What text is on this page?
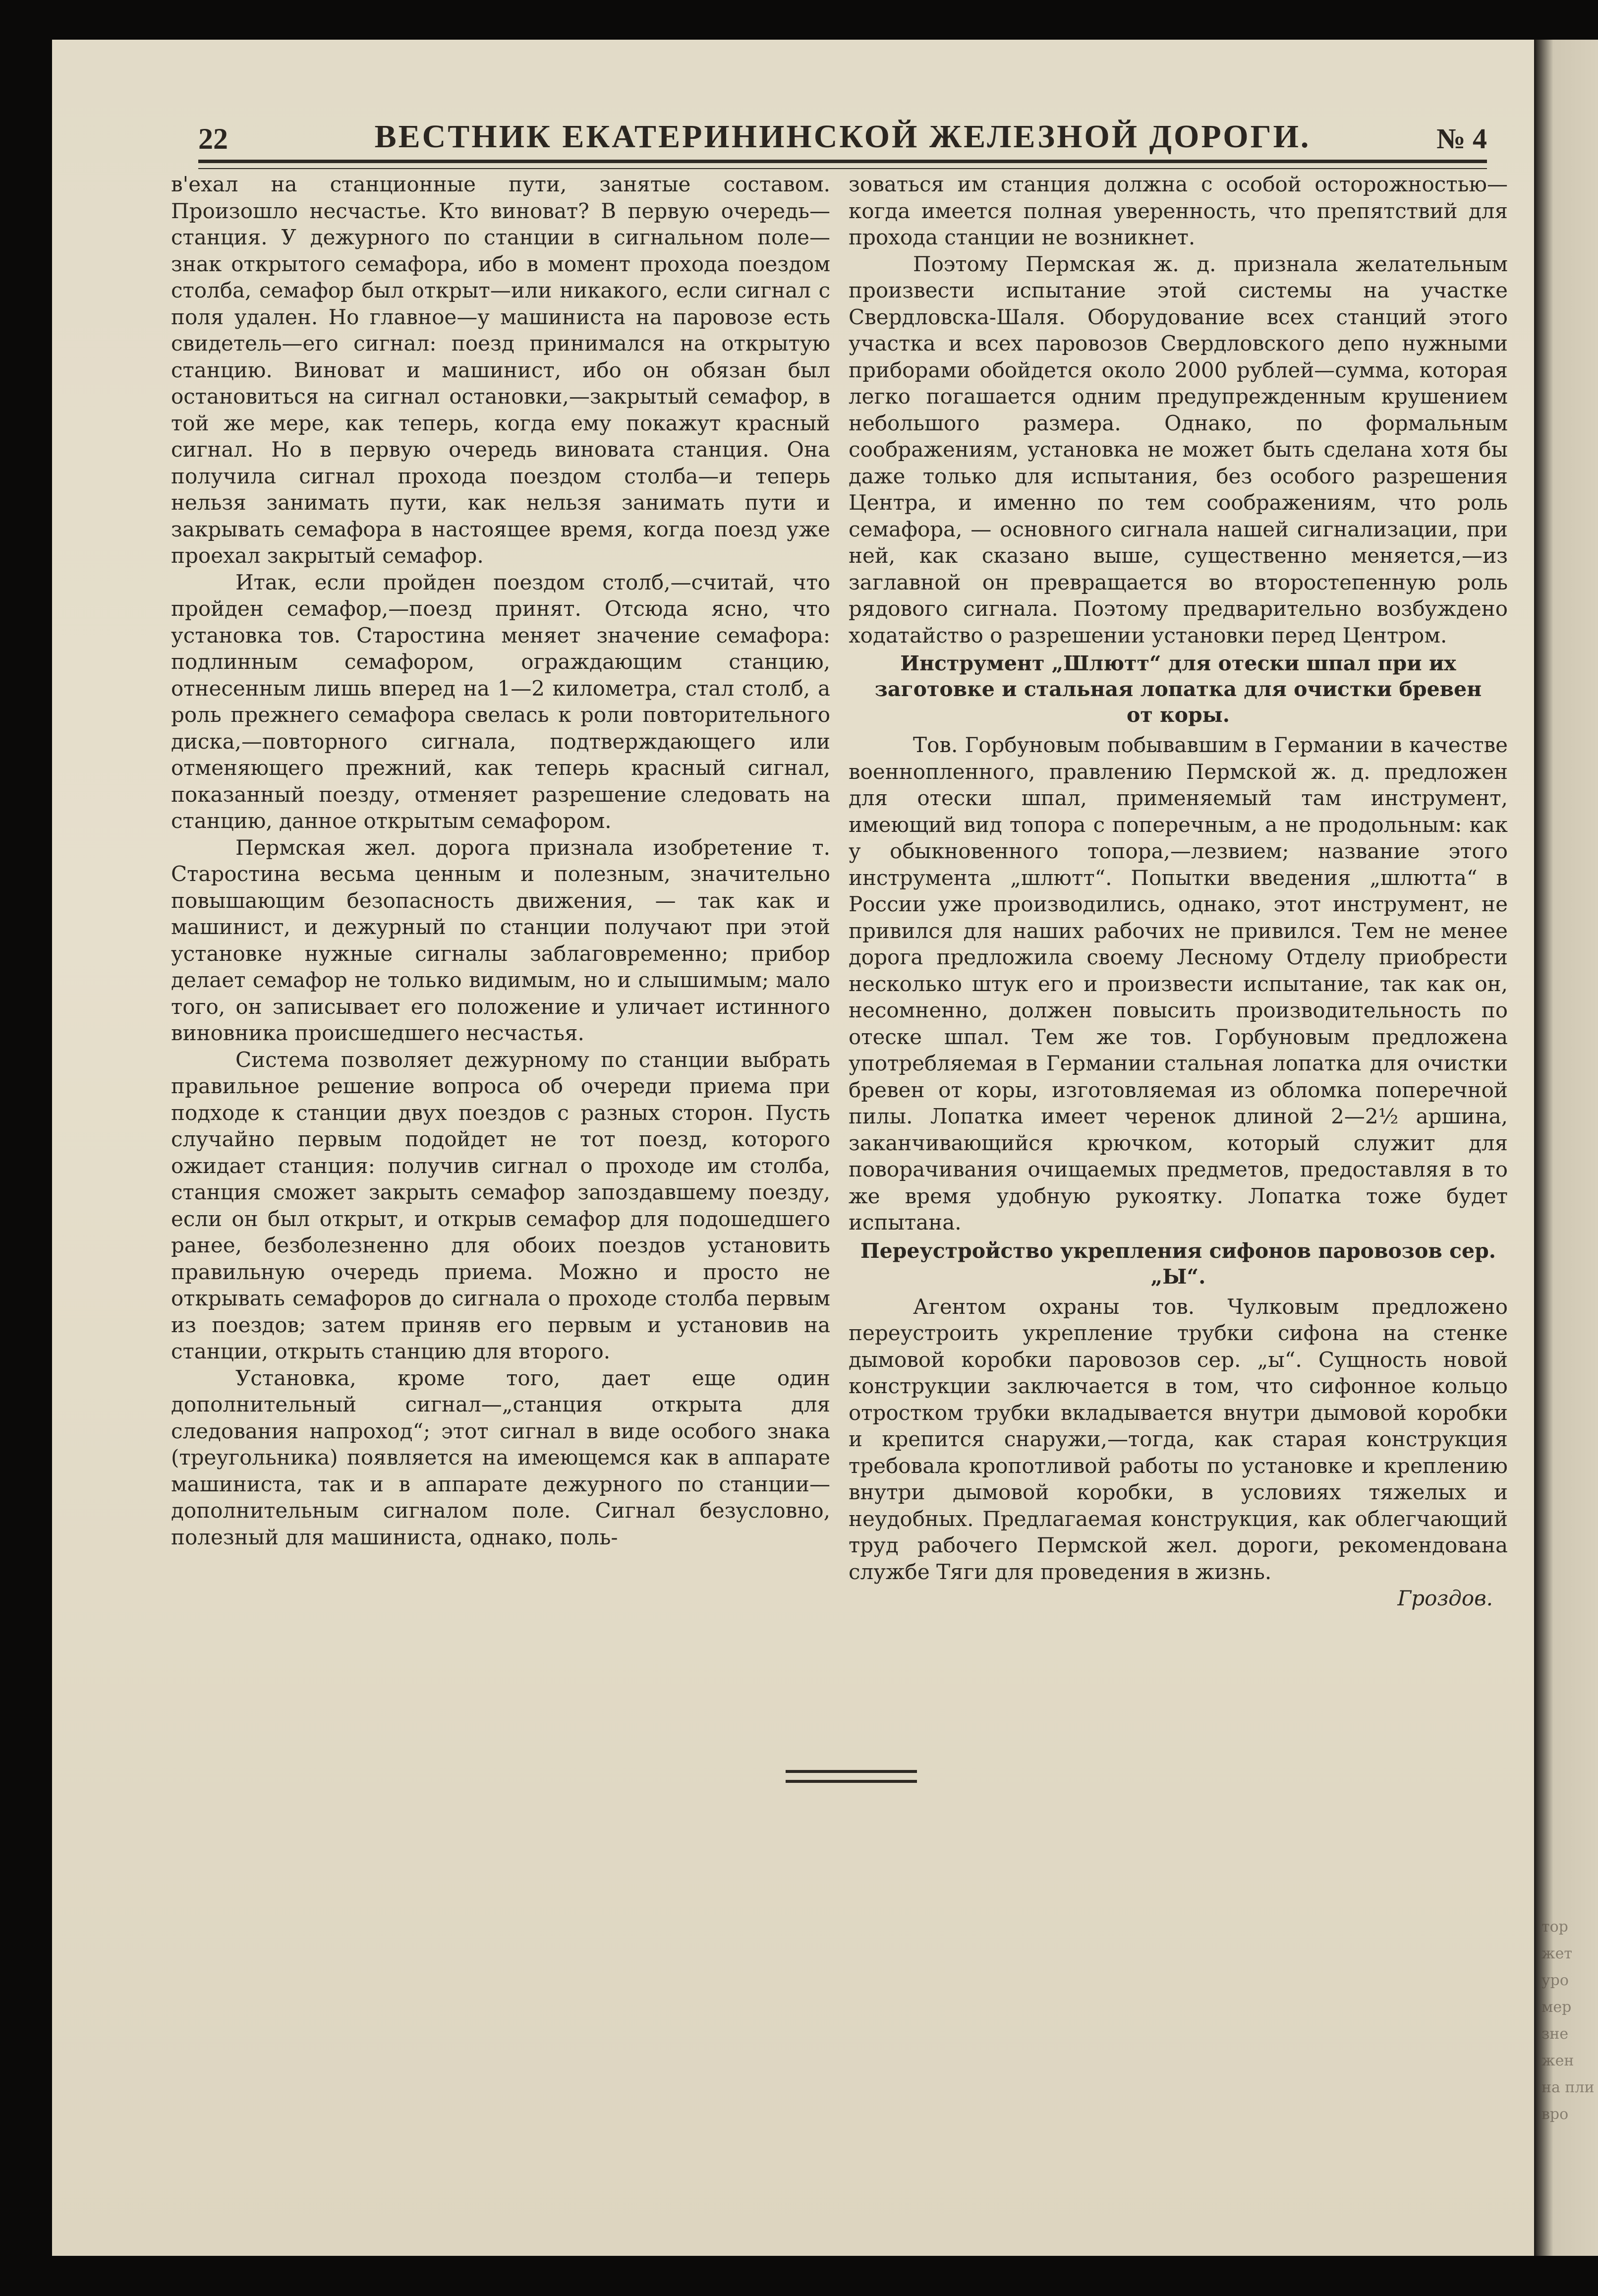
22	ВЕСТНИК ЕКАТЕРИНИНСКОЙ ЖЕЛЕЗНОЙ ДОРОГИ.	№ 4

в'ехал на станционные пути, занятые составом. Произошло несчастье. Кто виноват? В первую очередь—станция. У дежурного по станции в сигнальном поле—знак открытого семафора, ибо в момент прохода поездом столба, семафор был открыт—или никакого, если сигнал с поля удален. Но главное—у машиниста на паровозе есть свидетель—его сигнал: поезд принимался на открытую станцию. Виноват и машинист, ибо он обязан был остановиться на сигнал остановки,—закрытый семафор, в той же мере, как теперь, когда ему покажут красный сигнал. Но в первую очередь виновата станция. Она получила сигнал прохода поездом столба—и теперь нельзя занимать пути, как нельзя занимать пути и закрывать семафора в настоящее время, когда поезд уже проехал закрытый семафор.

Итак, если пройден поездом столб,—считай, что пройден семафор,—поезд принят. Отсюда ясно, что установка тов. Старостина меняет значение семафора: подлинным семафором, ограждающим станцию, отнесенным лишь вперед на 1—2 километра, стал столб, а роль прежнего семафора свелась к роли повторительного диска,—повторного сигнала, подтверждающего или отменяющего прежний, как теперь красный сигнал, показанный поезду, отменяет разрешение следовать на станцию, данное открытым семафором.

Пермская жел. дорога признала изобретение т. Старостина весьма ценным и полезным, значительно повышающим безопасность движения, — так как и машинист, и дежурный по станции получают при этой установке нужные сигналы заблаговременно; прибор делает семафор не только видимым, но и слышимым; мало того, он записывает его положение и уличает истинного виновника происшедшего несчастья.

Система позволяет дежурному по станции выбрать правильное решение вопроса об очереди приема при подходе к станции двух поездов с разных сторон. Пусть случайно первым подойдет не тот поезд, которого ожидает станция: получив сигнал о проходе им столба, станция сможет закрыть семафор запоздавшему поезду, если он был открыт, и открыв семафор для подошедшего ранее, безболезненно для обоих поездов установить правильную очередь приема. Можно и просто не открывать семафоров до сигнала о проходе столба первым из поездов; затем приняв его первым и установив на станции, открыть станцию для второго.

Установка, кроме того, дает еще один дополнительный сигнал—„станция открыта для следования напроход“; этот сигнал в виде особого знака (треугольника) появляется на имеющемся как в аппарате машиниста, так и в аппарате дежурного по станции—дополнительным сигналом поле. Сигнал безусловно, полезный для машиниста, однако, поль-

зоваться им станция должна с особой осторожностью—когда имеется полная уверенность, что препятствий для прохода станции не возникнет.

Поэтому Пермская ж. д. признала желательным произвести испытание этой системы на участке Свердловска-Шаля. Оборудование всех станций этого участка и всех паровозов Свердловского депо нужными приборами обойдется около 2000 рублей—сумма, которая легко погашается одним предупрежденным крушением небольшого размера. Однако, по формальным соображениям, установка не может быть сделана хотя бы даже только для испытания, без особого разрешения Центра, и именно по тем соображениям, что роль семафора, — основного сигнала нашей сигнализации, при ней, как сказано выше, существенно меняется,—из заглавной он превращается во второстепенную роль рядового сигнала. Поэтому предварительно возбуждено ходатайство о разрешении установки перед Центром.

Инструмент „Шлютт“ для отески шпал при их заготовке и стальная лопатка для очистки бревен от коры.

Тов. Горбуновым побывавшим в Германии в качестве военнопленного, правлению Пермской ж. д. предложен для отески шпал, применяемый там инструмент, имеющий вид топора с поперечным, а не продольным: как у обыкновенного топора,—лезвием; название этого инструмента „шлютт“. Попытки введения „шлютта“ в России уже производились, однако, этот инструмент, не привился для наших рабочих не привился. Тем не менее дорога предложила своему Лесному Отделу приобрести несколько штук его и произвести испытание, так как он, несомненно, должен повысить производительность по отеске шпал. Тем же тов. Горбуновым предложена употребляемая в Германии стальная лопатка для очистки бревен от коры, изготовляемая из обломка поперечной пилы. Лопатка имеет черенок длиной 2—2½ аршина, заканчивающийся крючком, который служит для поворачивания очищаемых предметов, предоставляя в то же время удобную рукоятку. Лопатка тоже будет испытана.

Переустройство укрепления сифонов паровозов сер. „Ы“.

Агентом охраны тов. Чулковым предложено переустроить укрепление трубки сифона на стенке дымовой коробки паровозов сер. „ы“. Сущность новой конструкции заключается в том, что сифонное кольцо отростком трубки вкладывается внутри дымовой коробки и крепится снаружи,—тогда, как старая конструкция требовала кропотливой работы по установке и креплению внутри дымовой коробки, в условиях тяжелых и неудобных. Предлагаемая конструкция, как облегчающий труд рабочего Пермской жел. дороги, рекомендована службе Тяги для проведения в жизнь.

Гроздов.

тор жет уро мер зне жен на пли вро
